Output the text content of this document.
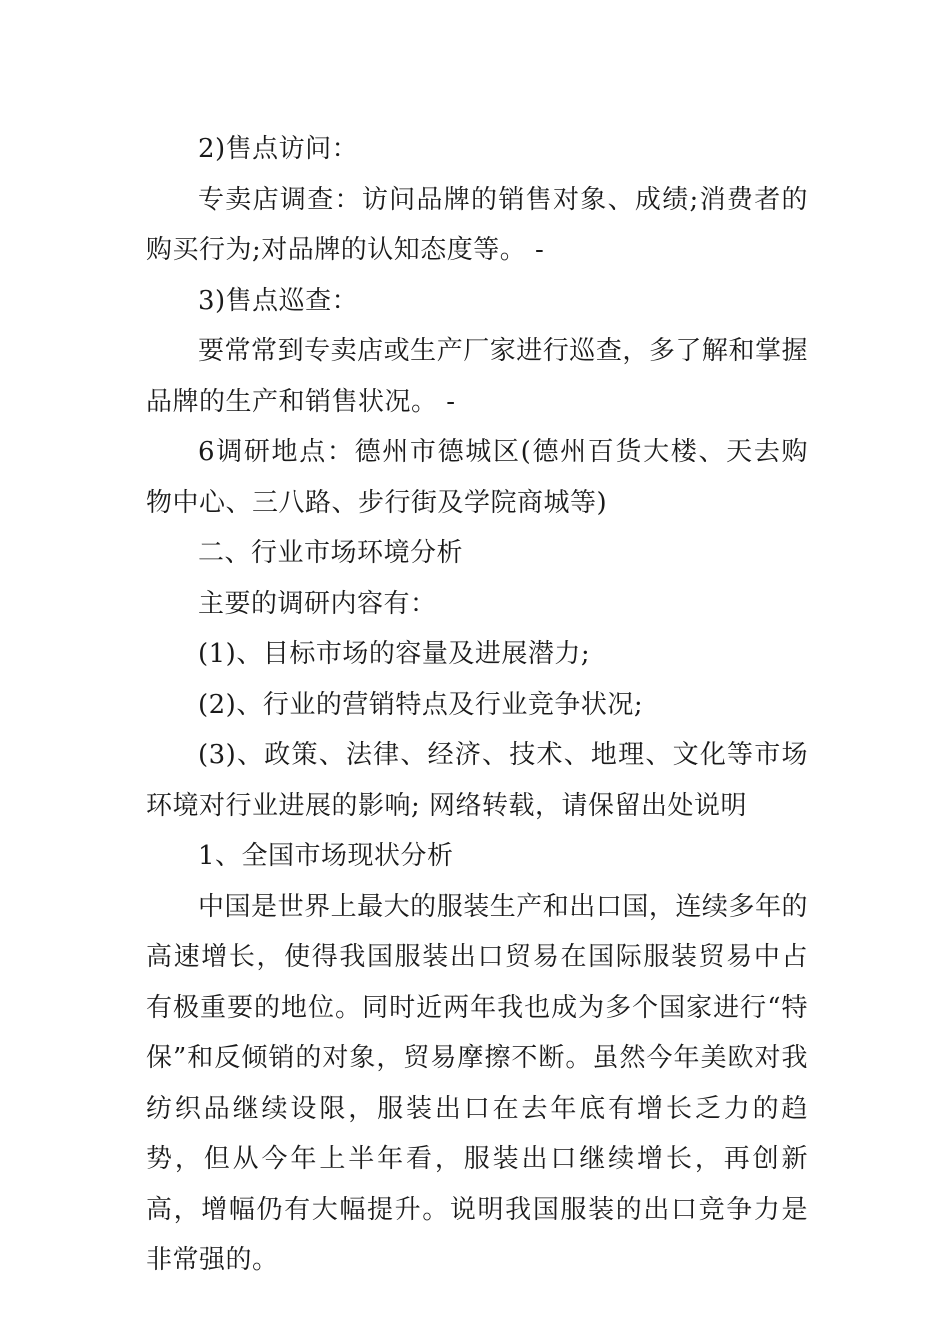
2)售点访问：

专卖店调查：访问品牌的销售对象、成绩;消费者的购买行为;对品牌的认知态度等。 -

3)售点巡查：

要常常到专卖店或生产厂家进行巡查，多了解和掌握品牌的生产和销售状况。 -

6调研地点：德州市德城区(德州百货大楼、天去购物中心、三八路、步行街及学院商城等)

二、行业市场环境分析

主要的调研内容有：

(1)、目标市场的容量及进展潜力;

(2)、行业的营销特点及行业竞争状况;

(3)、政策、法律、经济、技术、地理、文化等市场环境对行业进展的影响; 网络转载，请保留出处说明

1、全国市场现状分析

中国是世界上最大的服装生产和出口国，连续多年的高速增长，使得我国服装出口贸易在国际服装贸易中占有极重要的地位。同时近两年我也成为多个国家进行“特保”和反倾销的对象，贸易摩擦不断。虽然今年美欧对我纺织品继续设限，服装出口在去年底有增长乏力的趋势，但从今年上半年看，服装出口继续增长，再创新高，增幅仍有大幅提升。说明我国服装的出口竞争力是非常强的。
